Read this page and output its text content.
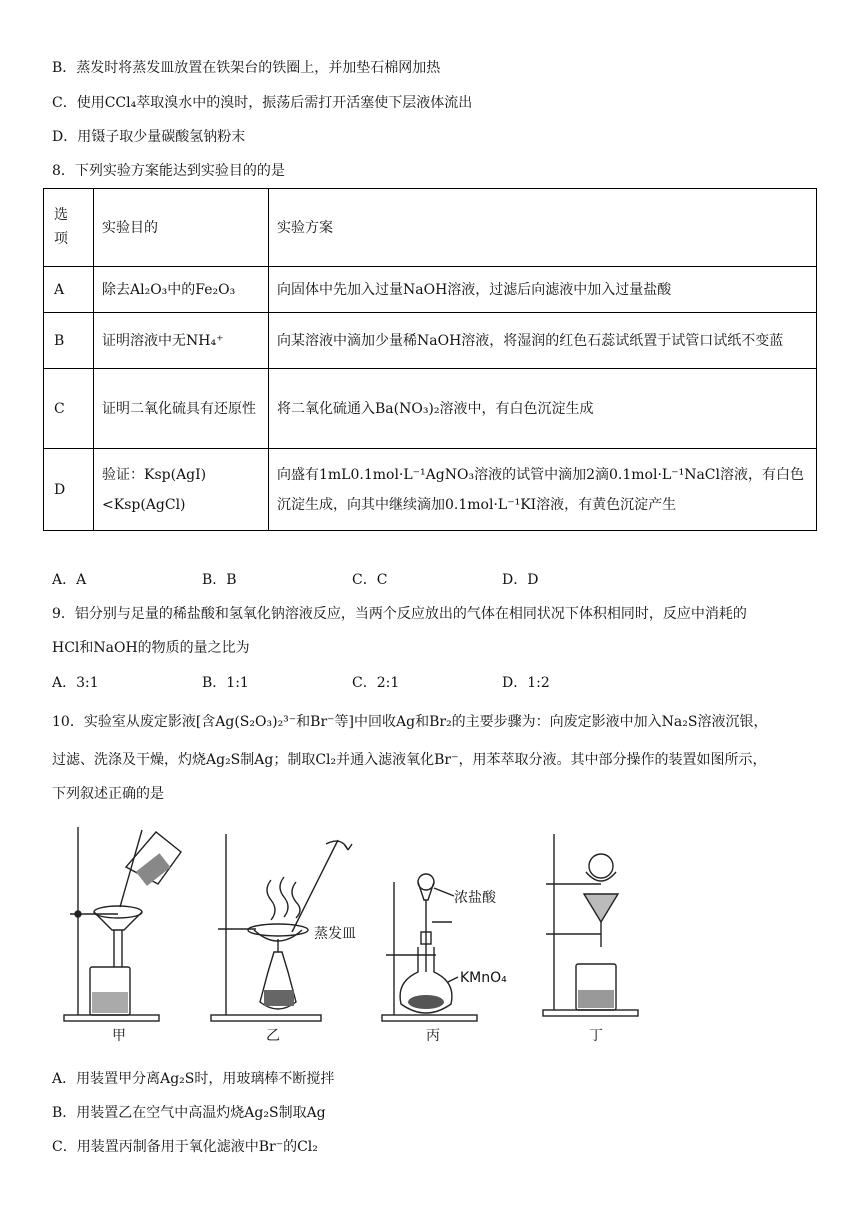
B．蒸发时将蒸发皿放置在铁架台的铁圈上，并加垫石棉网加热
C．使用CCl₄萃取溴水中的溴时，振荡后需打开活塞使下层液体流出
D．用镊子取少量碳酸氢钠粉末
8．下列实验方案能达到实验目的的是
选项	实验目的	实验方案
A	除去Al₂O₃中的Fe₂O₃	向固体中先加入过量NaOH溶液，过滤后向滤液中加入过量盐酸
B	证明溶液中无NH₄⁺	向某溶液中滴加少量稀NaOH溶液，将湿润的红色石蕊试纸置于试管口试纸不变蓝
C	证明二氧化硫具有还原性	将二氧化硫通入Ba(NO₃)₂溶液中，有白色沉淀生成
D	验证：Ksp(AgI)<Ksp(AgCl)	向盛有1mL0.1mol·L⁻¹AgNO₃溶液的试管中滴加2滴0.1mol·L⁻¹NaCl溶液，有白色沉淀生成，向其中继续滴加0.1mol·L⁻¹KI溶液，有黄色沉淀产生
A．A	B．B	C．C	D．D
9．铝分别与足量的稀盐酸和氢氧化钠溶液反应，当两个反应放出的气体在相同状况下体积相同时，反应中消耗的
HCl和NaOH的物质的量之比为
A．3:1	B．1:1	C．2:1	D．1:2
10．实验室从废定影液[含Ag(S₂O₃)₂³⁻和Br⁻等]中回收Ag和Br₂的主要步骤为：向废定影液中加入Na₂S溶液沉银，
过滤、洗涤及干燥，灼烧Ag₂S制Ag；制取Cl₂并通入滤液氧化Br⁻，用苯萃取分液。其中部分操作的装置如图所示，
下列叙述正确的是
甲	乙	丙	丁
蒸发皿
浓盐酸
KMnO₄
A．用装置甲分离Ag₂S时，用玻璃棒不断搅拌
B．用装置乙在空气中高温灼烧Ag₂S制取Ag
C．用装置丙制备用于氧化滤液中Br⁻的Cl₂
